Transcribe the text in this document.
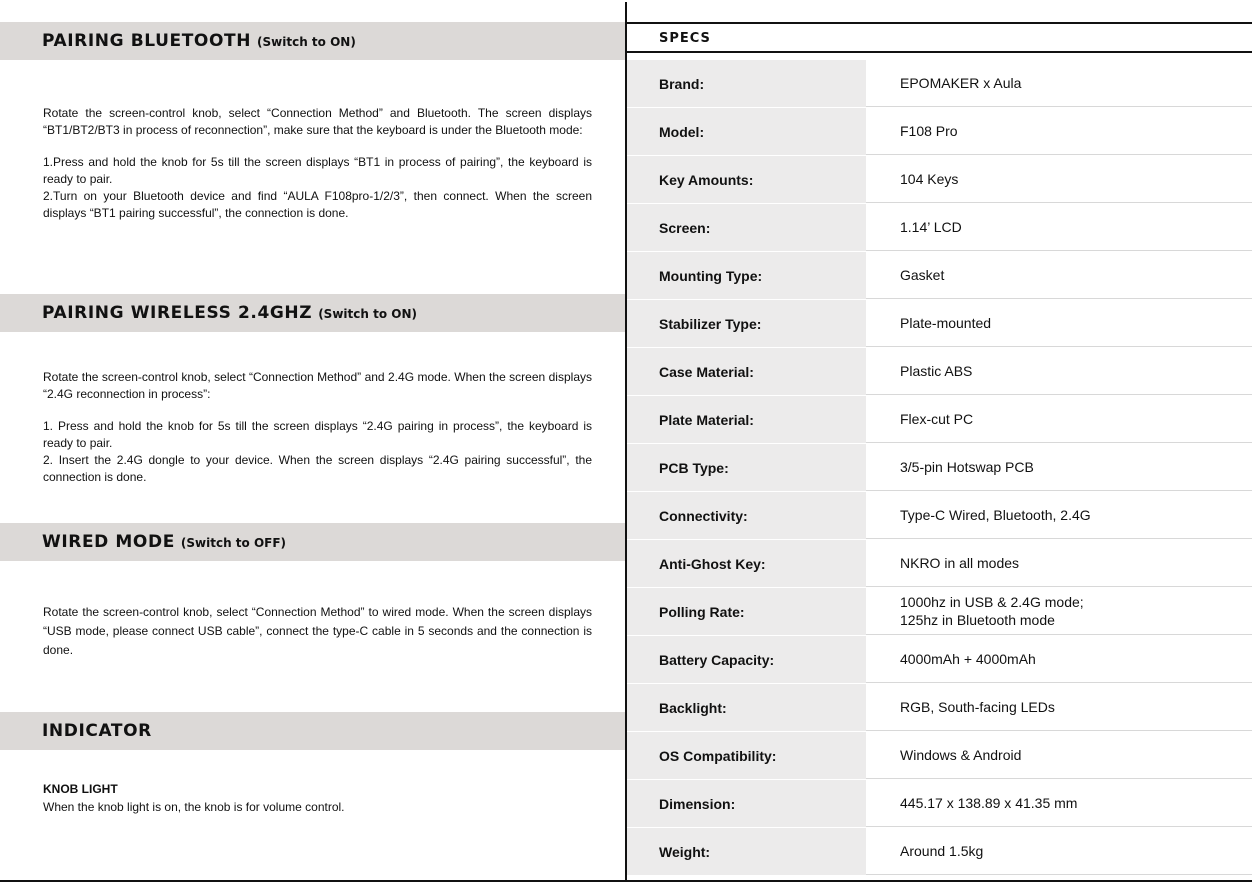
PAIRING BLUETOOTH (Switch to ON)

Rotate the screen-control knob, select “Connection Method” and Bluetooth. The screen displays “BT1/BT2/BT3 in process of reconnection”, make sure that the keyboard is under the Bluetooth mode:

1.Press and hold the knob for 5s till the screen displays “BT1 in process of pairing”, the keyboard is ready to pair.

2.Turn on your Bluetooth device and find “AULA F108pro-1/2/3”, then connect. When the screen displays “BT1 pairing successful”, the connection is done.

PAIRING WIRELESS 2.4GHZ (Switch to ON)

Rotate the screen-control knob, select “Connection Method” and 2.4G mode. When the screen displays “2.4G reconnection in process”:

1. Press and hold the knob for 5s till the screen displays “2.4G pairing in process”, the keyboard is ready to pair.

2. Insert the 2.4G dongle to your device. When the screen displays “2.4G pairing successful”, the connection is done.

WIRED MODE (Switch to OFF)

Rotate the screen-control knob, select “Connection Method” to wired mode. When the screen displays “USB mode, please connect USB cable”, connect the type-C cable in 5 seconds and the connection is done.

INDICATOR

KNOB LIGHT

When the knob light is on, the knob is for volume control.

SPECS
Brand:	EPOMAKER x Aula
Model:	F108 Pro
Key Amounts:	104 Keys
Screen:	1.14’ LCD
Mounting Type:	Gasket
Stabilizer Type:	Plate-mounted
Case Material:	Plastic ABS
Plate Material:	Flex-cut PC
PCB Type:	3/5-pin Hotswap PCB
Connectivity:	Type-C Wired, Bluetooth, 2.4G
Anti-Ghost Key:	NKRO in all modes
Polling Rate:
1000hz in USB & 2.4G mode;
125hz in Bluetooth mode
Battery Capacity:	4000mAh + 4000mAh
Backlight:	RGB, South-facing LEDs
OS Compatibility:	Windows & Android
Dimension:	445.17 x 138.89 x 41.35 mm
Weight:	Around 1.5kg
